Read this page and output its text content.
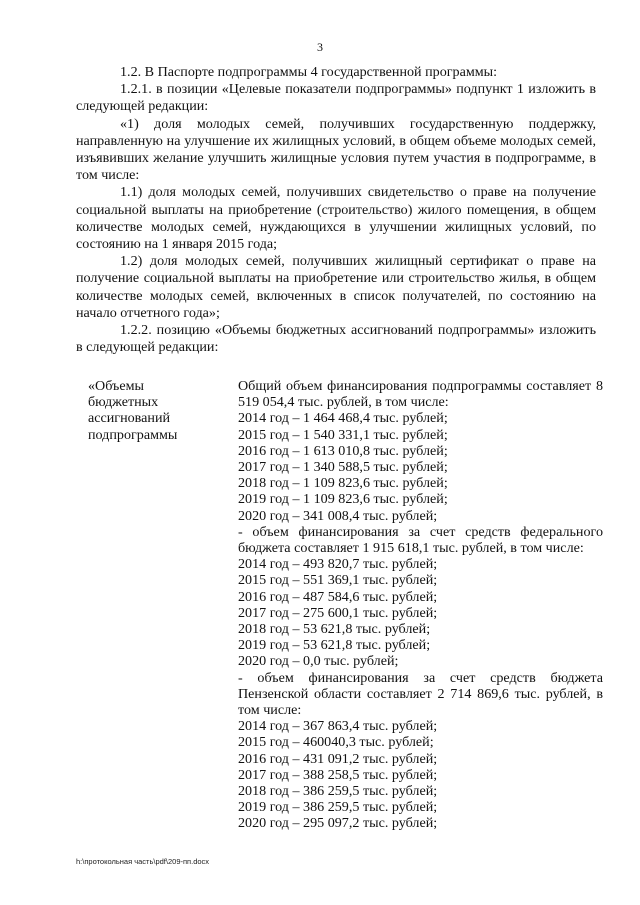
3

1.2. В Паспорте подпрограммы 4 государственной программы:

1.2.1. в позиции «Целевые показатели подпрограммы» подпункт 1 изложить в следующей редакции:

«1) доля молодых семей, получивших государственную поддержку, направленную на улучшение их жилищных условий, в общем объеме молодых семей, изъявивших желание улучшить жилищные условия путем участия в подпрограмме, в том числе:

1.1) доля молодых семей, получивших свидетельство о праве на получение социальной выплаты на приобретение (строительство) жилого помещения, в общем количестве молодых семей, нуждающихся в улучшении жилищных условий, по состоянию на 1 января 2015 года;

1.2) доля молодых семей, получивших жилищный сертификат о праве на получение социальной выплаты на приобретение или строительство жилья, в общем количестве молодых семей, включенных в список получателей, по состоянию на начало отчетного года»;

1.2.2. позицию «Объемы бюджетных ассигнований подпрограммы» изложить в следующей редакции:

«Объемы
бюджетных
ассигнований
подпрограммы

Общий объем финансирования подпрограммы составляет 8 519 054,4 тыс. рублей, в том числе:
2014 год – 1 464 468,4 тыс. рублей;
2015 год – 1 540 331,1 тыс. рублей;
2016 год – 1 613 010,8 тыс. рублей;
2017 год – 1 340 588,5 тыс. рублей;
2018 год – 1 109 823,6 тыс. рублей;
2019 год – 1 109 823,6 тыс. рублей;
2020 год – 341 008,4 тыс. рублей;
- объем финансирования за счет средств федерального бюджета составляет 1 915 618,1 тыс. рублей, в том числе:
2014 год – 493 820,7 тыс. рублей;
2015 год – 551 369,1 тыс. рублей;
2016 год – 487 584,6 тыс. рублей;
2017 год – 275 600,1 тыс. рублей;
2018 год – 53 621,8 тыс. рублей;
2019 год – 53 621,8 тыс. рублей;
2020 год – 0,0 тыс. рублей;
- объем финансирования за счет средств бюджета Пензенской области составляет 2 714 869,6 тыс. рублей, в том числе:
2014 год – 367 863,4 тыс. рублей;
2015 год – 460040,3 тыс. рублей;
2016 год – 431 091,2 тыс. рублей;
2017 год – 388 258,5 тыс. рублей;
2018 год – 386 259,5 тыс. рублей;
2019 год – 386 259,5 тыс. рублей;
2020 год – 295 097,2 тыс. рублей;
h:\протокольная часть\pdf\209-пп.docx
